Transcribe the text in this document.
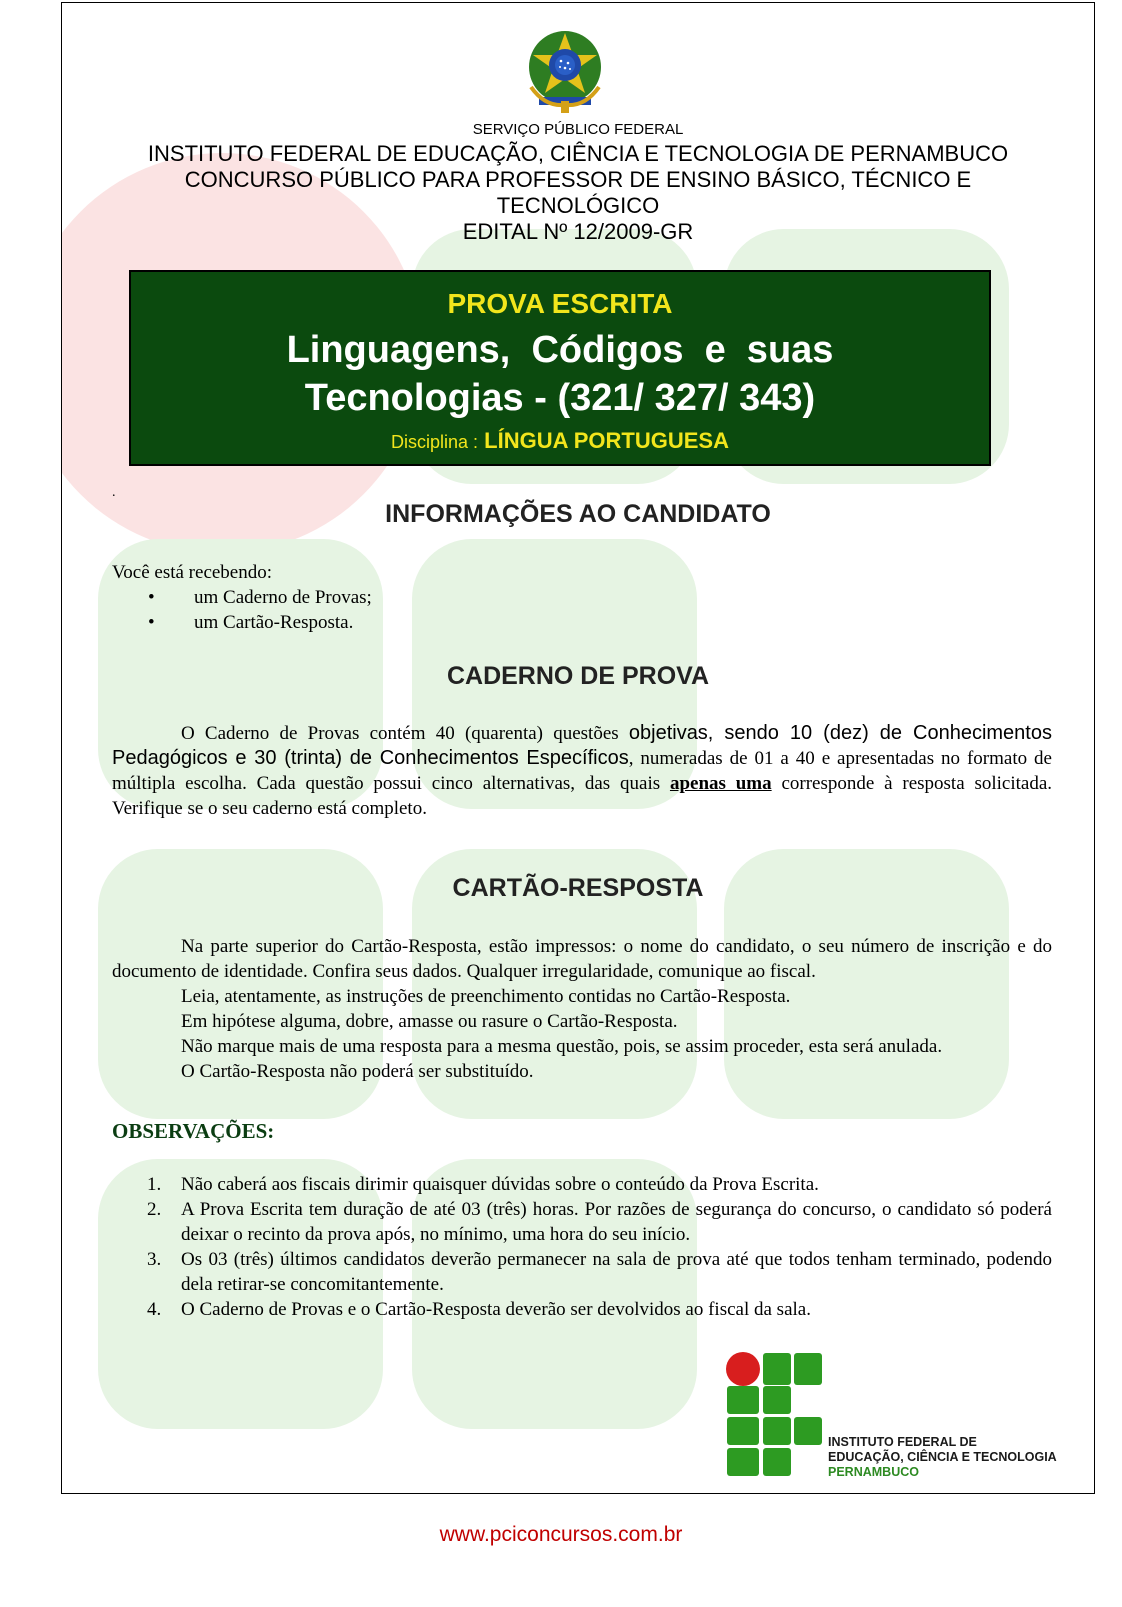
SERVIÇO PÚBLICO FEDERAL
INSTITUTO FEDERAL DE EDUCAÇÃO, CIÊNCIA E TECNOLOGIA DE PERNAMBUCO
CONCURSO PÚBLICO PARA PROFESSOR DE ENSINO BÁSICO, TÉCNICO E
TECNOLÓGICO
EDITAL Nº 12/2009-GR
PROVA ESCRITA
Linguagens,  Códigos  e  suas
Tecnologias - (321/ 327/ 343)
Disciplina : LÍNGUA PORTUGUESA
.
INFORMAÇÕES AO CANDIDATO
Você está recebendo:
• um Caderno de Provas;
• um Cartão-Resposta.
CADERNO DE PROVA
O Caderno de Provas contém 40 (quarenta) questões objetivas, sendo 10 (dez) de Conhecimentos Pedagógicos e 30 (trinta) de Conhecimentos Específicos, numeradas de 01 a 40 e apresentadas no formato de múltipla escolha. Cada questão possui cinco alternativas, das quais apenas uma corresponde à resposta solicitada. Verifique se o seu caderno está completo.
CARTÃO-RESPOSTA
Na parte superior do Cartão-Resposta, estão impressos: o nome do candidato, o seu número de inscrição e do documento de identidade. Confira seus dados. Qualquer irregularidade, comunique ao fiscal.
Leia, atentamente, as instruções de preenchimento contidas no Cartão-Resposta.
Em hipótese alguma, dobre, amasse ou rasure o Cartão-Resposta.
Não marque mais de uma resposta para a mesma questão, pois, se assim proceder, esta será anulada.
O Cartão-Resposta não poderá ser substituído.
OBSERVAÇÕES:
1. Não caberá aos fiscais dirimir quaisquer dúvidas sobre o conteúdo da Prova Escrita.
2. A Prova Escrita tem duração de até 03 (três) horas. Por razões de segurança do concurso, o candidato só poderá deixar o recinto da prova após, no mínimo, uma hora do seu início.
3. Os 03 (três) últimos candidatos deverão permanecer na sala de prova até que todos tenham terminado, podendo dela retirar-se concomitantemente.
4. O Caderno de Provas e o Cartão-Resposta deverão ser devolvidos ao fiscal da sala.
INSTITUTO FEDERAL DE
EDUCAÇÃO, CIÊNCIA E TECNOLOGIA
PERNAMBUCO
www.pciconcursos.com.br
